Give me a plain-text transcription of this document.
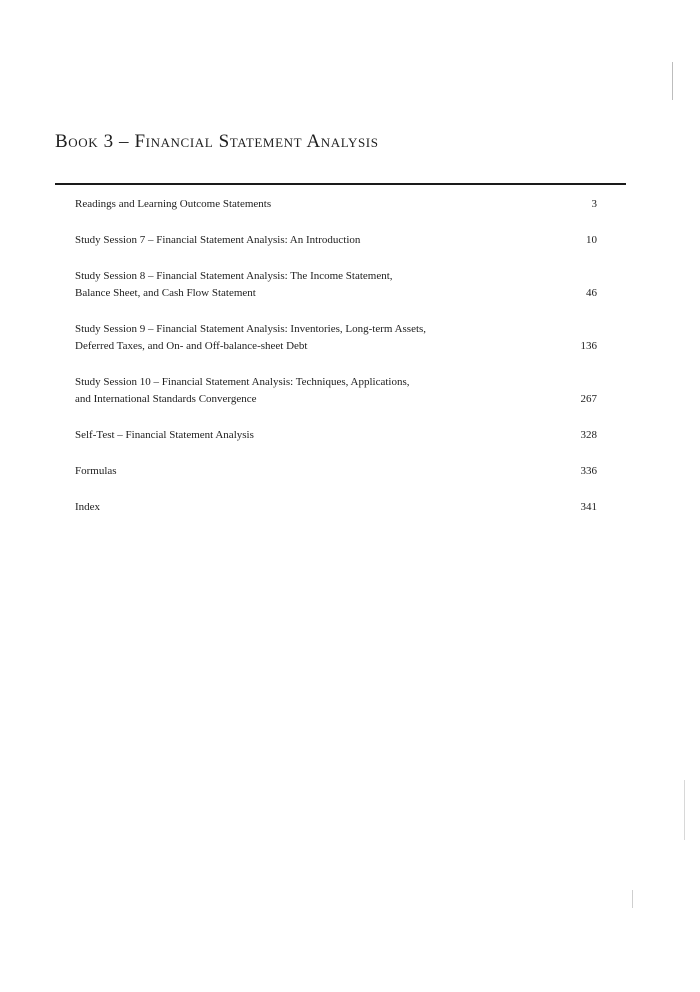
Book 3 – Financial Statement Analysis
Readings and Learning Outcome Statements	3
Study Session 7 – Financial Statement Analysis: An Introduction	10
Study Session 8 – Financial Statement Analysis: The Income Statement,
Balance Sheet, and Cash Flow Statement	46
Study Session 9 – Financial Statement Analysis: Inventories, Long-term Assets,
Deferred Taxes, and On- and Off-balance-sheet Debt	136
Study Session 10 – Financial Statement Analysis: Techniques, Applications,
and International Standards Convergence	267
Self-Test – Financial Statement Analysis	328
Formulas	336
Index	341
